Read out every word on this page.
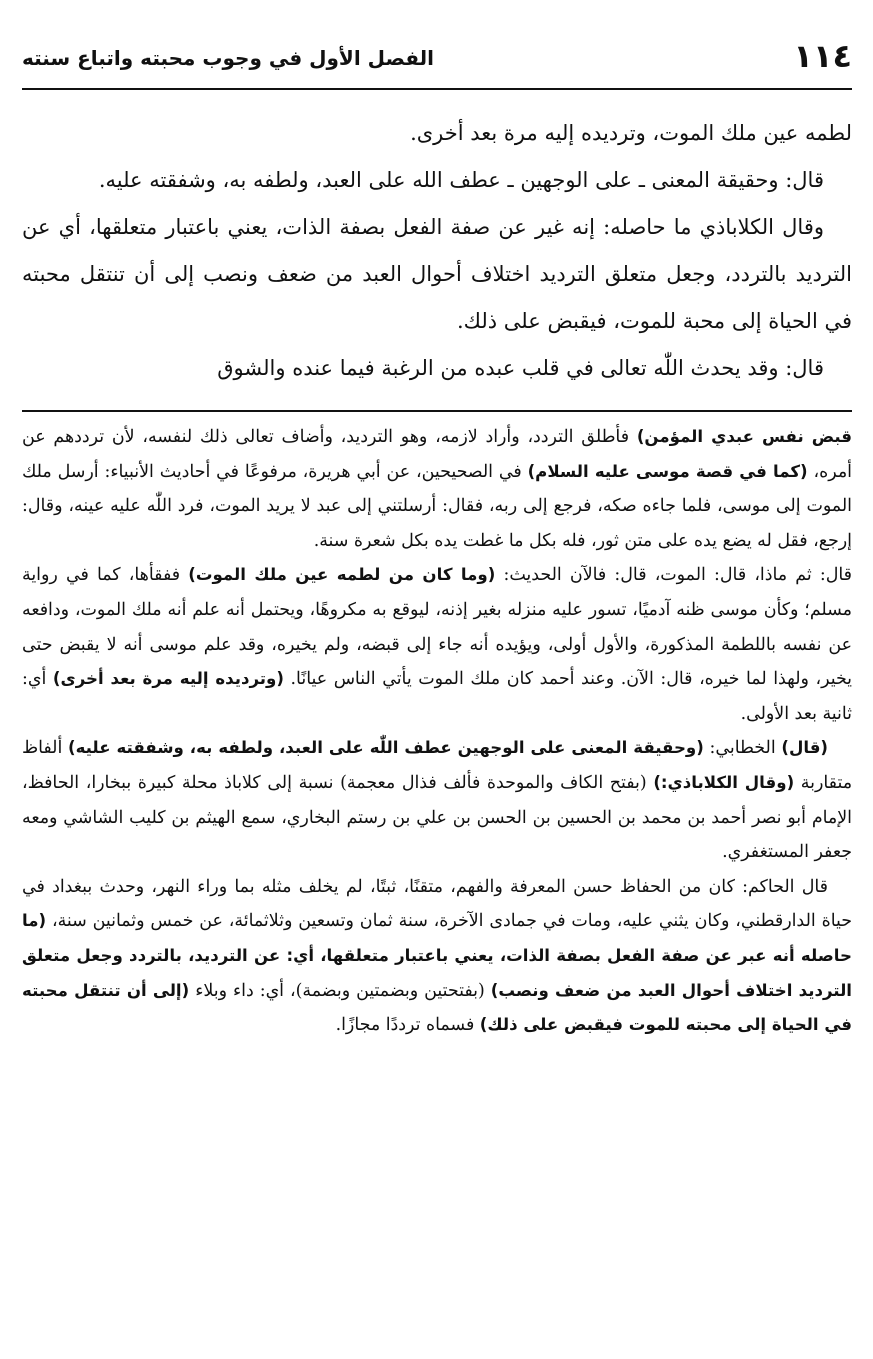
١١٤
الفصل الأول في وجوب محبته واتباع سنته

لطمه عين ملك الموت، وترديده إليه مرة بعد أخرى.

قال: وحقيقة المعنى ـ على الوجهين ـ عطف الله على العبد، ولطفه به، وشفقته عليه.

وقال الكلاباذي ما حاصله: إنه غير عن صفة الفعل بصفة الذات، يعني باعتبار متعلقها، أي عن الترديد بالتردد، وجعل متعلق الترديد اختلاف أحوال العبد من ضعف ونصب إلى أن تنتقل محبته في الحياة إلى محبة للموت، فيقبض على ذلك.

قال: وقد يحدث اللّٰه تعالى في قلب عبده من الرغبة فيما عنده والشوق

قبض نفس عبدي المؤمن) فأطلق التردد، وأراد لازمه، وهو الترديد، وأضاف تعالى ذلك لنفسه، لأن ترددهم عن أمره، (كما في قصة موسى عليه السلام) في الصحيحين، عن أبي هريرة، مرفوعًا في أحاديث الأنبياء: أرسل ملك الموت إلى موسى، فلما جاءه صكه، فرجع إلى ربه، فقال: أرسلتني إلى عبد لا يريد الموت، فرد اللّٰه عليه عينه، وقال: إرجع، فقل له يضع يده على متن ثور، فله بكل ما غطت يده بكل شعرة سنة.

قال: ثم ماذا، قال: الموت، قال: فالآن الحديث: (وما كان من لطمه عين ملك الموت) ففقأها، كما في رواية مسلم؛ وكأن موسى ظنه آدميًا، تسور عليه منزله بغير إذنه، ليوقع به مكروهًا، ويحتمل أنه علم أنه ملك الموت، ودافعه عن نفسه باللطمة المذكورة، والأول أولى، ويؤيده أنه جاء إلى قبضه، ولم يخيره، وقد علم موسى أنه لا يقبض حتى يخير، ولهذا لما خيره، قال: الآن. وعند أحمد كان ملك الموت يأتي الناس عيانًا. (وترديده إليه مرة بعد أخرى) أي: ثانية بعد الأولى.

(قال) الخطابي: (وحقيقة المعنى على الوجهين عطف اللّٰه على العبد، ولطفه به، وشفقته عليه) ألفاظ متقاربة (وقال الكلاباذي:) (بفتح الكاف والموحدة فألف فذال معجمة) نسبة إلى كلاباذ محلة كبيرة ببخارا، الحافظ، الإمام أبو نصر أحمد بن محمد بن الحسين بن الحسن بن علي بن رستم البخاري، سمع الهيثم بن كليب الشاشي ومعه جعفر المستغفري.

قال الحاكم: كان من الحفاظ حسن المعرفة والفهم، متقنًا، ثبتًا، لم يخلف مثله بما وراء النهر، وحدث ببغداد في حياة الدارقطني، وكان يثني عليه، ومات في جمادى الآخرة، سنة ثمان وتسعين وثلاثمائة، عن خمس وثمانين سنة، (ما حاصله أنه عبر عن صفة الفعل بصفة الذات، يعني باعتبار متعلقها، أي: عن الترديد، بالتردد وجعل متعلق الترديد اختلاف أحوال العبد من ضعف ونصب) (بفتحتين وبضمتين وبضمة)، أي: داء وبلاء (إلى أن تنتقل محبته في الحياة إلى محبته للموت فيقبض على ذلك) فسماه ترددًا مجازًا.
